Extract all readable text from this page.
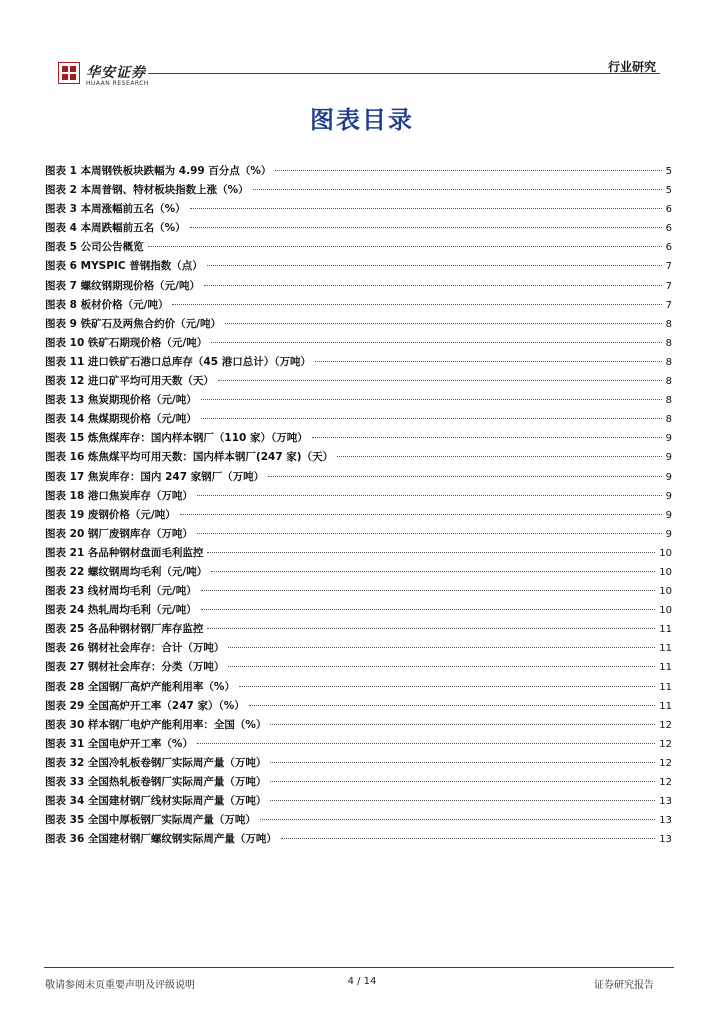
华安证券
HUAAN RESEARCH
行业研究
图表目录
图表 1 本周钢铁板块跌幅为 4.99 百分点（%）	5
图表 2 本周普钢、特材板块指数上涨（%）	5
图表 3 本周涨幅前五名（%）	6
图表 4 本周跌幅前五名（%）	6
图表 5 公司公告概览	6
图表 6 MYSPIC 普钢指数（点）	7
图表 7 螺纹钢期现价格（元/吨）	7
图表 8 板材价格（元/吨）	7
图表 9 铁矿石及两焦合约价（元/吨）	8
图表 10 铁矿石期现价格（元/吨）	8
图表 11 进口铁矿石港口总库存（45 港口总计）（万吨）	8
图表 12 进口矿平均可用天数（天）	8
图表 13 焦炭期现价格（元/吨）	8
图表 14 焦煤期现价格（元/吨）	8
图表 15 炼焦煤库存：国内样本钢厂（110 家）（万吨）	9
图表 16 炼焦煤平均可用天数：国内样本钢厂(247 家)（天）	9
图表 17 焦炭库存：国内 247 家钢厂（万吨）	9
图表 18 港口焦炭库存（万吨）	9
图表 19 废钢价格（元/吨）	9
图表 20 钢厂废钢库存（万吨）	9
图表 21 各品种钢材盘面毛利监控	10
图表 22 螺纹钢周均毛利（元/吨）	10
图表 23 线材周均毛利（元/吨）	10
图表 24 热轧周均毛利（元/吨）	10
图表 25 各品种钢材钢厂库存监控	11
图表 26 钢材社会库存：合计（万吨）	11
图表 27 钢材社会库存：分类（万吨）	11
图表 28 全国钢厂高炉产能利用率（%）	11
图表 29 全国高炉开工率（247 家）（%）	11
图表 30 样本钢厂电炉产能利用率：全国（%）	12
图表 31 全国电炉开工率（%）	12
图表 32 全国冷轧板卷钢厂实际周产量（万吨）	12
图表 33 全国热轧板卷钢厂实际周产量（万吨）	12
图表 34 全国建材钢厂线材实际周产量（万吨）	13
图表 35 全国中厚板钢厂实际周产量（万吨）	13
图表 36 全国建材钢厂螺纹钢实际周产量（万吨）	13
敬请参阅末页重要声明及评级说明	4 / 14	证券研究报告
